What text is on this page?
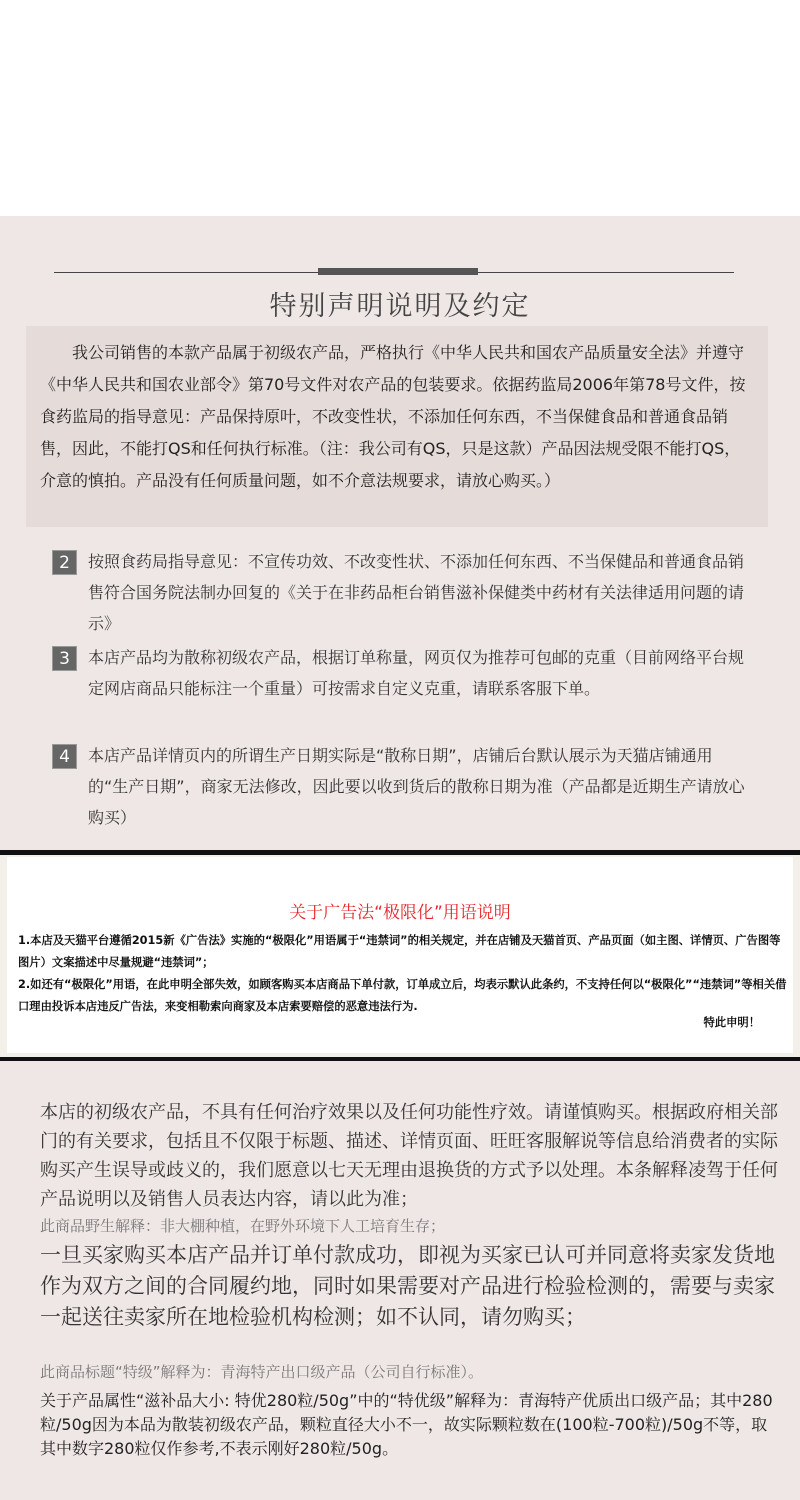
特别声明说明及约定
我公司销售的本款产品属于初级农产品，严格执行《中华人民共和国农产品质量安全法》并遵守《中华人民共和国农业部令》第70号文件对农产品的包装要求。依据药监局2006年第78号文件，按食药监局的指导意见：产品保持原叶，不改变性状，不添加任何东西，不当保健食品和普通食品销售，因此，不能打QS和任何执行标准。（注：我公司有QS，只是这款）产品因法规受限不能打QS，介意的慎拍。产品没有任何质量问题，如不介意法规要求，请放心购买。）
2	按照食药局指导意见：不宣传功效、不改变性状、不添加任何东西、不当保健品和普通食品销售符合国务院法制办回复的《关于在非药品柜台销售滋补保健类中药材有关法律适用问题的请示》
3	本店产品均为散称初级农产品，根据订单称量，网页仅为推荐可包邮的克重（目前网络平台规定网店商品只能标注一个重量）可按需求自定义克重，请联系客服下单。
4	本店产品详情页内的所谓生产日期实际是“散称日期”，店铺后台默认展示为天猫店铺通用的“生产日期”，商家无法修改，因此要以收到货后的散称日期为准（产品都是近期生产请放心购买）
关于广告法“极限化”用语说明
1.本店及天猫平台遵循2015新《广告法》实施的“极限化”用语属于“违禁词”的相关规定，并在店铺及天猫首页、产品页面（如主图、详情页、广告图等图片）文案描述中尽量规避“违禁词”；
2.如还有“极限化”用语，在此申明全部失效，如顾客购买本店商品下单付款，订单成立后，均表示默认此条约，不支持任何以“极限化”“违禁词”等相关借口理由投诉本店违反广告法，来变相勒索向商家及本店索要赔偿的恶意违法行为.
特此申明！
本店的初级农产品，不具有任何治疗效果以及任何功能性疗效。请谨慎购买。根据政府相关部门的有关要求，包括且不仅限于标题、描述、详情页面、旺旺客服解说等信息给消费者的实际购买产生误导或歧义的，我们愿意以七天无理由退换货的方式予以处理。本条解释凌驾于任何产品说明以及销售人员表达内容，请以此为准；
此商品野生解释：非大棚种植，在野外环境下人工培育生存；
一旦买家购买本店产品并订单付款成功，即视为买家已认可并同意将卖家发货地作为双方之间的合同履约地，同时如果需要对产品进行检验检测的，需要与卖家一起送往卖家所在地检验机构检测；如不认同，请勿购买；
此商品标题“特级”解释为：青海特产出口级产品（公司自行标准）。
关于产品属性“滋补品大小: 特优280粒/50g”中的“特优级”解释为：青海特产优质出口级产品；其中280粒/50g因为本品为散装初级农产品，颗粒直径大小不一，故实际颗粒数在(100粒-700粒)/50g不等，取其中数字280粒仅作参考,不表示刚好280粒/50g。
